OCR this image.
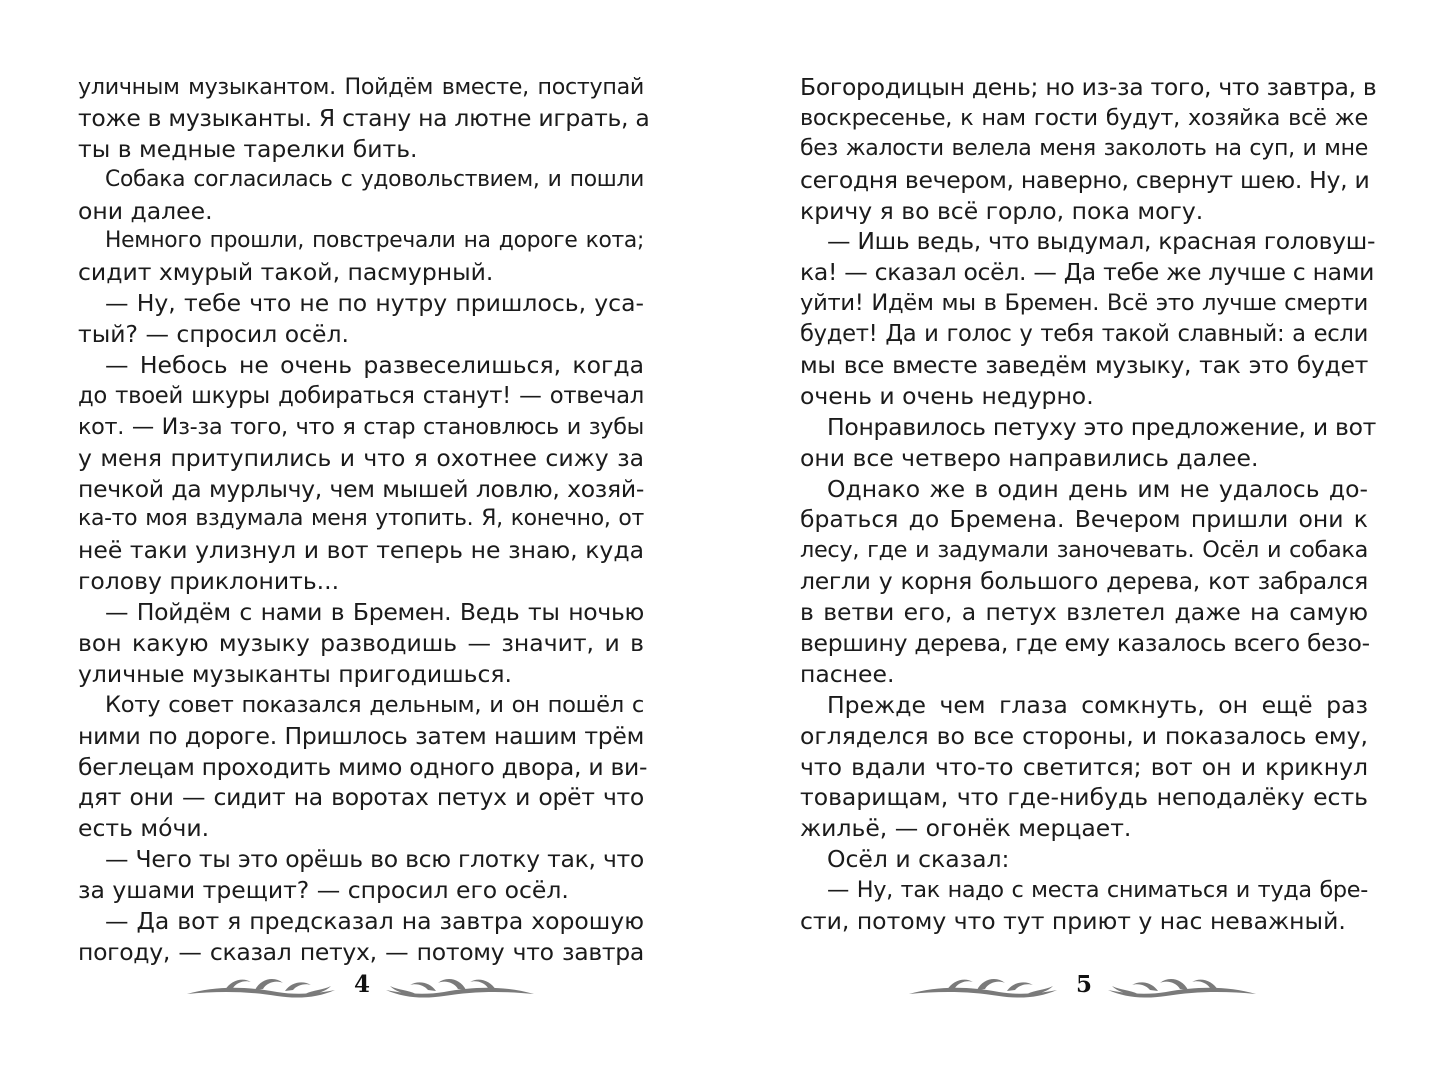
уличным музыкантом. Пойдём вместе, поступай
тоже в музыканты. Я стану на лютне играть, а
ты в медные тарелки бить.
Собака согласилась с удовольствием, и пошли
они далее.
Немного прошли, повстречали на дороге кота;
сидит хмурый такой, пасмурный.
— Ну, тебе что не по нутру пришлось, уса-
тый? — спросил осёл.
— Небось не очень развеселишься, когда
до твоей шкуры добираться станут! — отвечал
кот. — Из-за того, что я стар становлюсь и зубы
у меня притупились и что я охотнее сижу за
печкой да мурлычу, чем мышей ловлю, хозяй-
ка-то моя вздумала меня утопить. Я, конечно, от
неё таки улизнул и вот теперь не знаю, куда
голову приклонить...
— Пойдём с нами в Бремен. Ведь ты ночью
вон какую музыку разводишь — значит, и в
уличные музыканты пригодишься.
Коту совет показался дельным, и он пошёл с
ними по дороге. Пришлось затем нашим трём
беглецам проходить мимо одного двора, и ви-
дят они — сидит на воротах петух и орёт что
есть мо́чи.
— Чего ты это орёшь во всю глотку так, что
за ушами трещит? — спросил его осёл.
— Да вот я предсказал на завтра хорошую
погоду, — сказал петух, — потому что завтра
4
Богородицын день; но из-за того, что завтра, в
воскресенье, к нам гости будут, хозяйка всё же
без жалости велела меня заколоть на суп, и мне
сегодня вечером, наверно, свернут шею. Ну, и
кричу я во всё горло, пока могу.
— Ишь ведь, что выдумал, красная головуш-
ка! — сказал осёл. — Да тебе же лучше с нами
уйти! Идём мы в Бремен. Всё это лучше смерти
будет! Да и голос у тебя такой славный: а если
мы все вместе заведём музыку, так это будет
очень и очень недурно.
Понравилось петуху это предложение, и вот
они все четверо направились далее.
Однако же в один день им не удалось до-
браться до Бремена. Вечером пришли они к
лесу, где и задумали заночевать. Осёл и собака
легли у корня большого дерева, кот забрался
в ветви его, а петух взлетел даже на самую
вершину дерева, где ему казалось всего безо-
паснее.
Прежде чем глаза сомкнуть, он ещё раз
огляделся во все стороны, и показалось ему,
что вдали что-то светится; вот он и крикнул
товарищам, что где-нибудь неподалёку есть
жильё, — огонёк мерцает.
Осёл и сказал:
— Ну, так надо с места сниматься и туда бре-
сти, потому что тут приют у нас неважный.
5
